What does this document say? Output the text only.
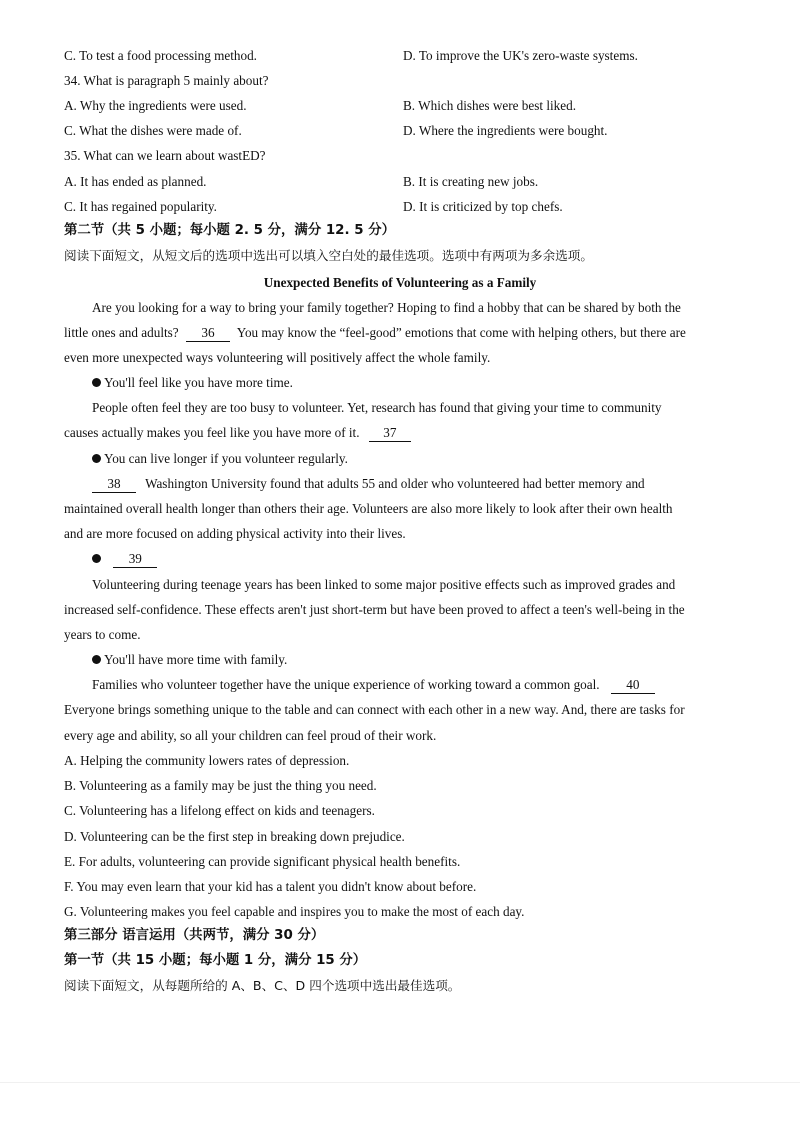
C. To test a food processing method.	D. To improve the UK's zero-waste systems.
34. What is paragraph 5 mainly about?
A. Why the ingredients were used.	B. Which dishes were best liked.
C. What the dishes were made of.	D. Where the ingredients were bought.
35. What can we learn about wastED?
A. It has ended as planned.	B. It is creating new jobs.
C. It has regained popularity.	D. It is criticized by top chefs.
第二节（共 5 小题；每小题 2. 5 分，满分 12. 5 分）
阅读下面短文，从短文后的选项中选出可以填入空白处的最佳选项。选项中有两项为多余选项。
Unexpected Benefits of Volunteering as a Family
Are you looking for a way to bring your family together? Hoping to find a hobby that can be shared by both the
little ones and adults? 36 You may know the “feel-good” emotions that come with helping others, but there are
even more unexpected ways volunteering will positively affect the whole family.
You'll feel like you have more time.
People often feel they are too busy to volunteer. Yet, research has found that giving your time to community
causes actually makes you feel like you have more of it. 37
You can live longer if you volunteer regularly.
38 Washington University found that adults 55 and older who volunteered had better memory and
maintained overall health longer than others their age. Volunteers are also more likely to look after their own health
and are more focused on adding physical activity into their lives.
39
Volunteering during teenage years has been linked to some major positive effects such as improved grades and
increased self-confidence. These effects aren't just short-term but have been proved to affect a teen's well-being in the
years to come.
You'll have more time with family.
Families who volunteer together have the unique experience of working toward a common goal. 40
Everyone brings something unique to the table and can connect with each other in a new way. And, there are tasks for
every age and ability, so all your children can feel proud of their work.
A. Helping the community lowers rates of depression.
B. Volunteering as a family may be just the thing you need.
C. Volunteering has a lifelong effect on kids and teenagers.
D. Volunteering can be the first step in breaking down prejudice.
E. For adults, volunteering can provide significant physical health benefits.
F. You may even learn that your kid has a talent you didn't know about before.
G. Volunteering makes you feel capable and inspires you to make the most of each day.
第三部分 语言运用（共两节，满分 30 分）
第一节（共 15 小题；每小题 1 分，满分 15 分）
阅读下面短文，从每题所给的 A、B、C、D 四个选项中选出最佳选项。
